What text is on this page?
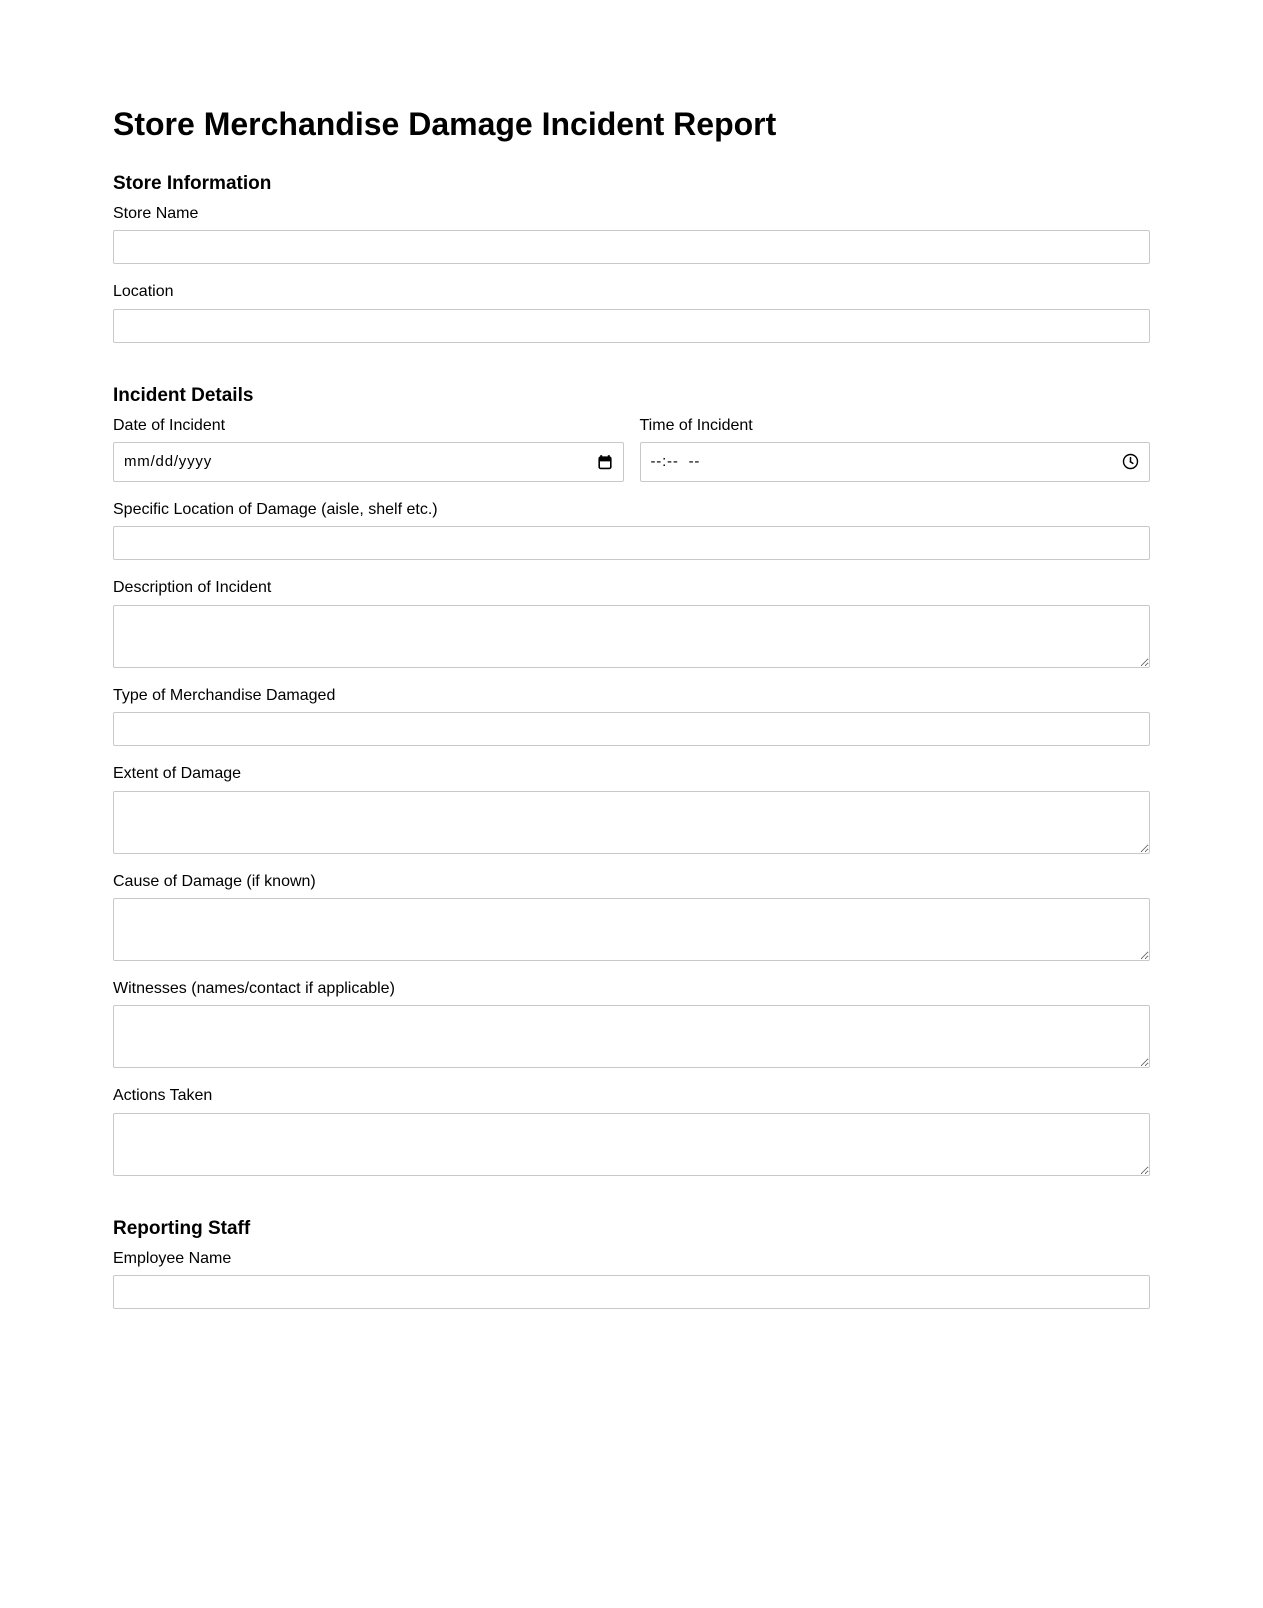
Store Merchandise Damage Incident Report
Store Information
Store Name
Location
Incident Details
Date of Incident
mm/dd/yyyy
Time of Incident
--:--  --
Specific Location of Damage (aisle, shelf etc.)
Description of Incident
Type of Merchandise Damaged
Extent of Damage
Cause of Damage (if known)
Witnesses (names/contact if applicable)
Actions Taken
Reporting Staff
Employee Name
